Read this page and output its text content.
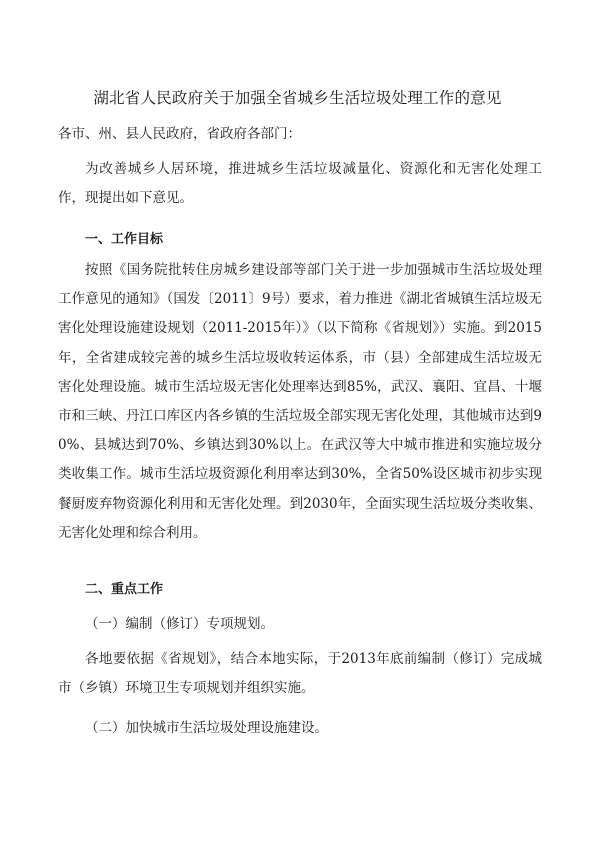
湖北省人民政府关于加强全省城乡生活垃圾处理工作的意见
各市、州、县人民政府，省政府各部门：

为改善城乡人居环境，推进城乡生活垃圾减量化、资源化和无害化处理工作，现提出如下意见。

一、工作目标

按照《国务院批转住房城乡建设部等部门关于进一步加强城市生活垃圾处理工作意见的通知》（国发〔2011〕9号）要求，着力推进《湖北省城镇生活垃圾无害化处理设施建设规划（2011-2015年）》（以下简称《省规划》）实施。到2015年，全省建成较完善的城乡生活垃圾收转运体系，市（县）全部建成生活垃圾无害化处理设施。城市生活垃圾无害化处理率达到85%，武汉、襄阳、宜昌、十堰市和三峡、丹江口库区内各乡镇的生活垃圾全部实现无害化处理，其他城市达到90%、县城达到70%、乡镇达到30%以上。在武汉等大中城市推进和实施垃圾分类收集工作。城市生活垃圾资源化利用率达到30%，全省50%设区城市初步实现餐厨废弃物资源化利用和无害化处理。到2030年，全面实现生活垃圾分类收集、无害化处理和综合利用。

二、重点工作
（一）编制（修订）专项规划。

各地要依据《省规划》，结合本地实际，于2013年底前编制（修订）完成城市（乡镇）环境卫生专项规划并组织实施。

（二）加快城市生活垃圾处理设施建设。
